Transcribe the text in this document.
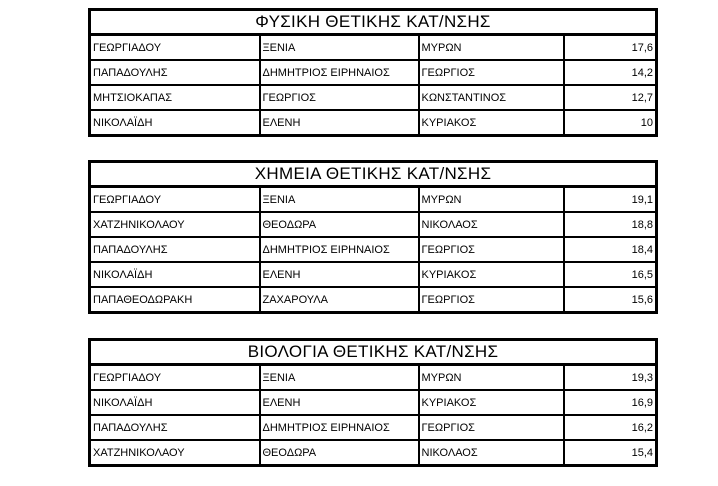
ΦΥΣΙΚΗ ΘΕΤΙΚΗΣ ΚΑΤ/ΝΣΗΣ			
ΓΕΩΡΓΙΑΔΟΥ	ΞΕΝΙΑ	ΜΥΡΩΝ	17,6
ΠΑΠΑΔΟΥΛΗΣ	ΔΗΜΗΤΡΙΟΣ ΕΙΡΗΝΑΙΟΣ	ΓΕΩΡΓΙΟΣ	14,2
ΜΗΤΣΙΟΚΑΠΑΣ	ΓΕΩΡΓΙΟΣ	ΚΩΝΣΤΑΝΤΙΝΟΣ	12,7
ΝΙΚΟΛΑΪΔΗ	ΕΛΕΝΗ	ΚΥΡΙΑΚΟΣ	10
ΧΗΜΕΙΑ ΘΕΤΙΚΗΣ ΚΑΤ/ΝΣΗΣ			
ΓΕΩΡΓΙΑΔΟΥ	ΞΕΝΙΑ	ΜΥΡΩΝ	19,1
ΧΑΤΖΗΝΙΚΟΛΑΟΥ	ΘΕΟΔΩΡΑ	ΝΙΚΟΛΑΟΣ	18,8
ΠΑΠΑΔΟΥΛΗΣ	ΔΗΜΗΤΡΙΟΣ ΕΙΡΗΝΑΙΟΣ	ΓΕΩΡΓΙΟΣ	18,4
ΝΙΚΟΛΑΪΔΗ	ΕΛΕΝΗ	ΚΥΡΙΑΚΟΣ	16,5
ΠΑΠΑΘΕΟΔΩΡΑΚΗ	ΖΑΧΑΡΟΥΛΑ	ΓΕΩΡΓΙΟΣ	15,6
ΒΙΟΛΟΓΙΑ ΘΕΤΙΚΗΣ ΚΑΤ/ΝΣΗΣ			
ΓΕΩΡΓΙΑΔΟΥ	ΞΕΝΙΑ	ΜΥΡΩΝ	19,3
ΝΙΚΟΛΑΪΔΗ	ΕΛΕΝΗ	ΚΥΡΙΑΚΟΣ	16,9
ΠΑΠΑΔΟΥΛΗΣ	ΔΗΜΗΤΡΙΟΣ ΕΙΡΗΝΑΙΟΣ	ΓΕΩΡΓΙΟΣ	16,2
ΧΑΤΖΗΝΙΚΟΛΑΟΥ	ΘΕΟΔΩΡΑ	ΝΙΚΟΛΑΟΣ	15,4
